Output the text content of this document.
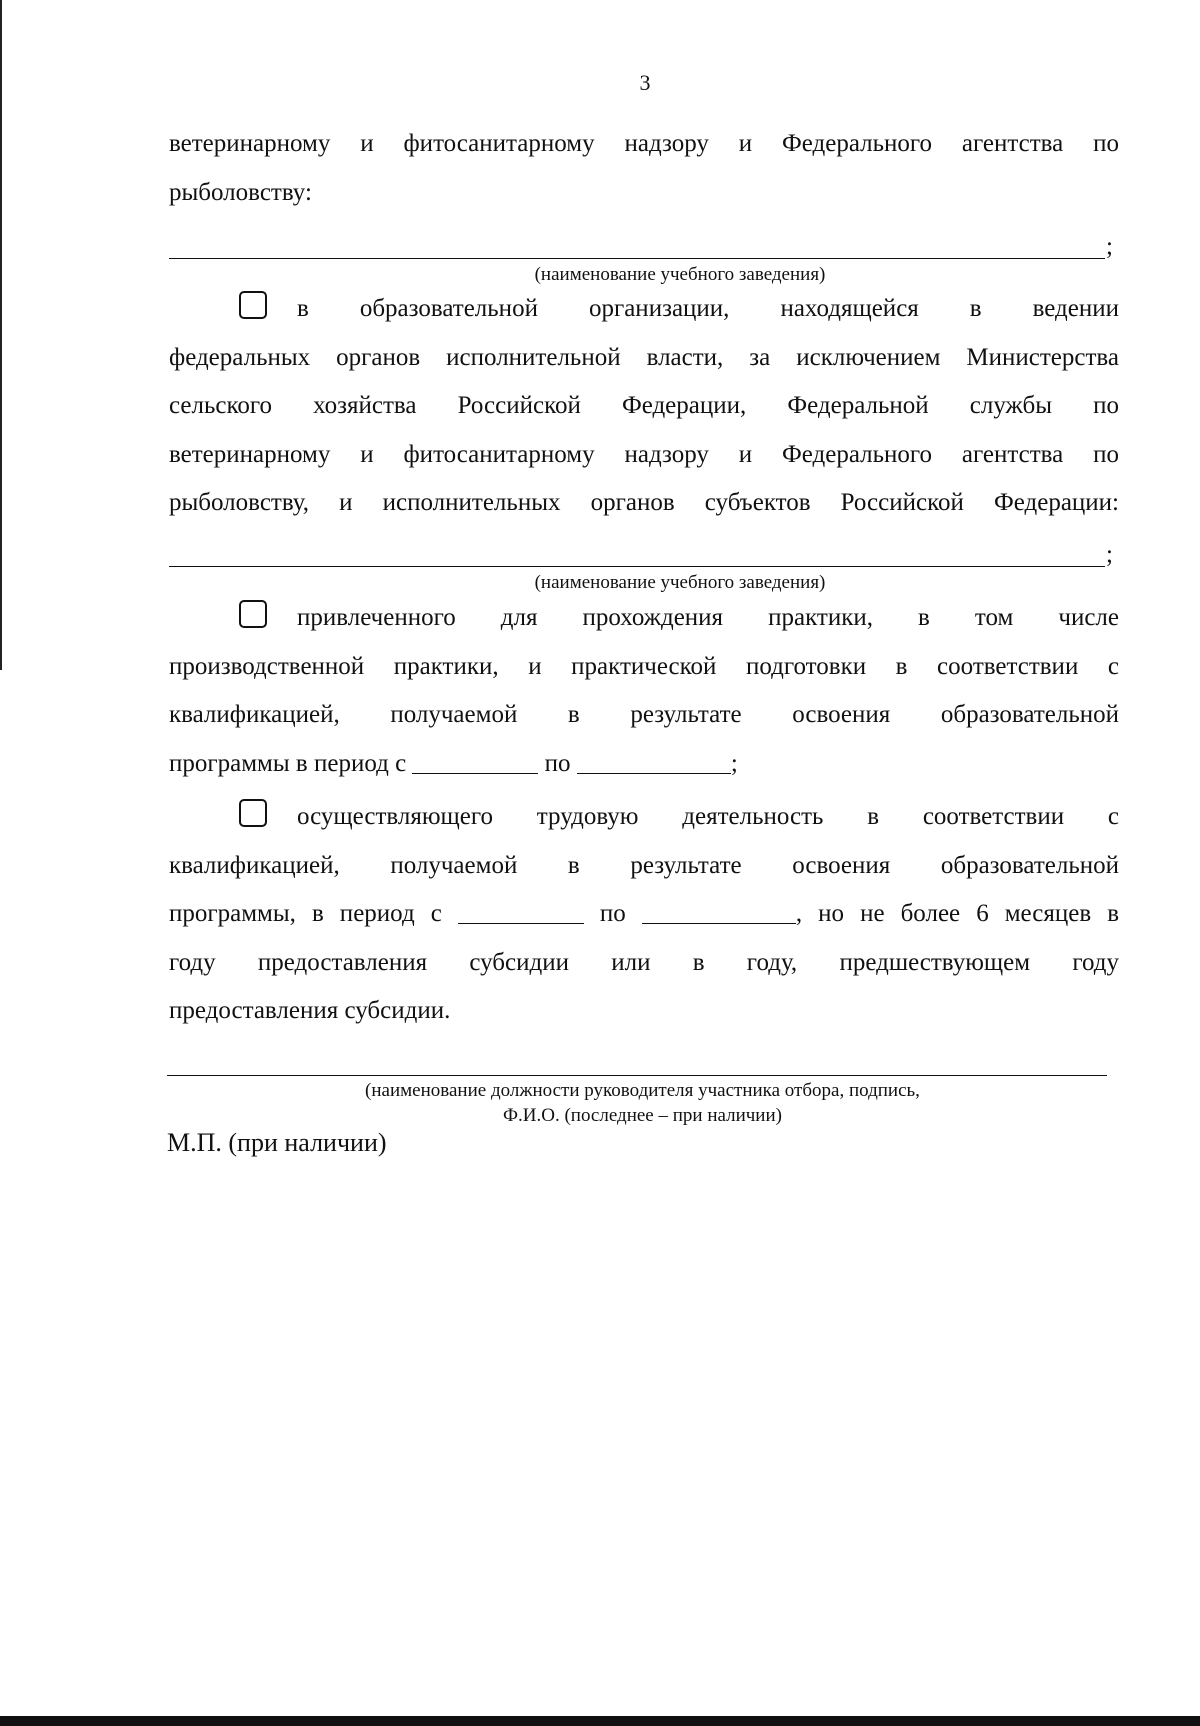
3
ветеринарному и фитосанитарному надзору и Федерального агентства по
рыболовству:
;
(наименование учебного заведения)
в образовательной организации, находящейся в ведении
федеральных органов исполнительной власти, за исключением Министерства
сельского хозяйства Российской Федерации, Федеральной службы по
ветеринарному и фитосанитарному надзору и Федерального агентства по
рыболовству, и исполнительных органов субъектов Российской Федерации:
;
(наименование учебного заведения)
привлеченного для прохождения практики, в том числе
производственной практики, и практической подготовки в соответствии с
квалификацией, получаемой в результате освоения образовательной
программы в период с	по	;
осуществляющего трудовую деятельность в соответствии с
квалификацией, получаемой в результате освоения образовательной
программы, в период с	по	, но не более 6 месяцев в
году предоставления субсидии или в году, предшествующем году
предоставления субсидии.
(наименование должности руководителя участника отбора, подпись,
Ф.И.О. (последнее – при наличии)
М.П. (при наличии)
